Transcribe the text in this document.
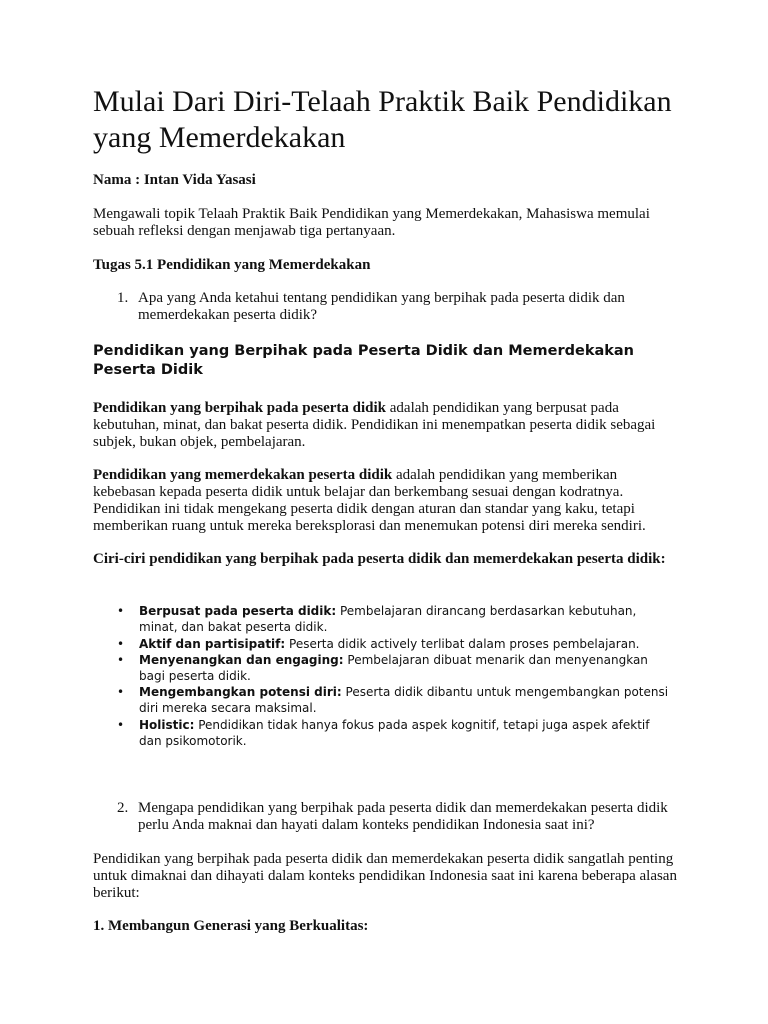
Mulai Dari Diri-Telaah Praktik Baik Pendidikan yang Memerdekakan

Nama : Intan Vida Yasasi

Mengawali topik Telaah Praktik Baik Pendidikan yang Memerdekakan, Mahasiswa memulai sebuah refleksi dengan menjawab tiga pertanyaan.

Tugas 5.1 Pendidikan yang Memerdekakan

1. Apa yang Anda ketahui tentang pendidikan yang berpihak pada peserta didik dan memerdekakan peserta didik?
Pendidikan yang Berpihak pada Peserta Didik dan Memerdekakan Peserta Didik

Pendidikan yang berpihak pada peserta didik adalah pendidikan yang berpusat pada kebutuhan, minat, dan bakat peserta didik. Pendidikan ini menempatkan peserta didik sebagai subjek, bukan objek, pembelajaran.

Pendidikan yang memerdekakan peserta didik adalah pendidikan yang memberikan kebebasan kepada peserta didik untuk belajar dan berkembang sesuai dengan kodratnya. Pendidikan ini tidak mengekang peserta didik dengan aturan dan standar yang kaku, tetapi memberikan ruang untuk mereka bereksplorasi dan menemukan potensi diri mereka sendiri.

Ciri-ciri pendidikan yang berpihak pada peserta didik dan memerdekakan peserta didik:

• Berpusat pada peserta didik: Pembelajaran dirancang berdasarkan kebutuhan, minat, dan bakat peserta didik.
• Aktif dan partisipatif: Peserta didik actively terlibat dalam proses pembelajaran.
• Menyenangkan dan engaging: Pembelajaran dibuat menarik dan menyenangkan bagi peserta didik.
• Mengembangkan potensi diri: Peserta didik dibantu untuk mengembangkan potensi diri mereka secara maksimal.
• Holistic: Pendidikan tidak hanya fokus pada aspek kognitif, tetapi juga aspek afektif dan psikomotorik.
2. Mengapa pendidikan yang berpihak pada peserta didik dan memerdekakan peserta didik perlu Anda maknai dan hayati dalam konteks pendidikan Indonesia saat ini?

Pendidikan yang berpihak pada peserta didik dan memerdekakan peserta didik sangatlah penting untuk dimaknai dan dihayati dalam konteks pendidikan Indonesia saat ini karena beberapa alasan berikut:

1. Membangun Generasi yang Berkualitas:
